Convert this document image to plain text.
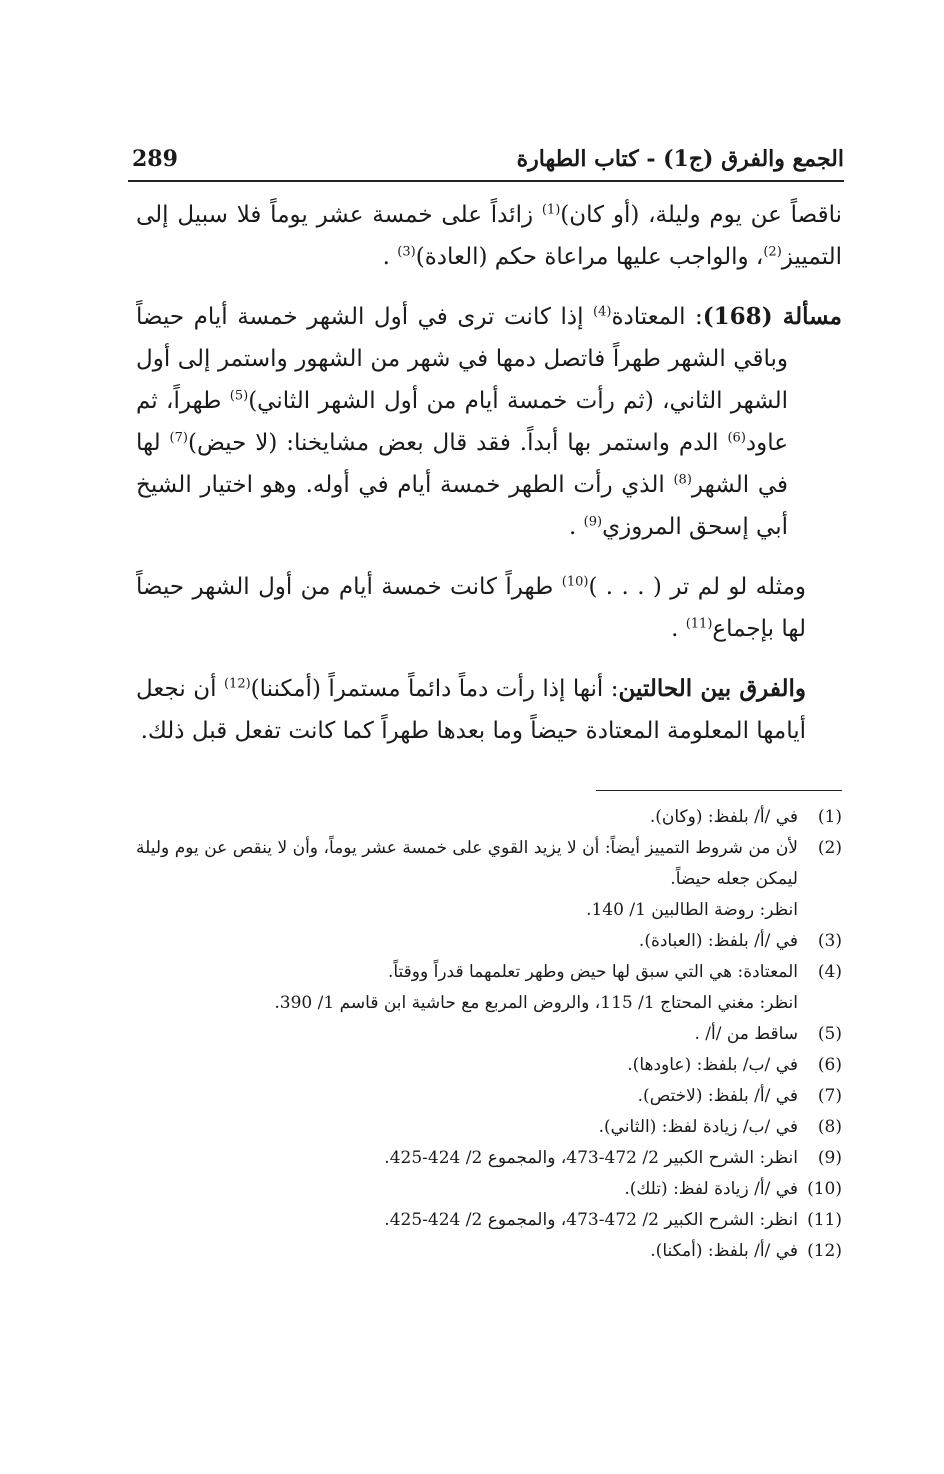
الجمع والفرق (ج1) - كتاب الطهارة
289

ناقصاً عن يوم وليلة، (أو كان)$^{(1)}$ زائداً على خمسة عشر يوماً فلا سبيل إلى التمييز$^{(2)}$، والواجب عليها مراعاة حكم (العادة)$^{(3)}$ .

مسألة (168): المعتادة$^{(4)}$ إذا كانت ترى في أول الشهر خمسة أيام حيضاً وباقي الشهر طهراً فاتصل دمها في شهر من الشهور واستمر إلى أول الشهر الثاني، (ثم رأت خمسة أيام من أول الشهر الثاني)$^{(5)}$ طهراً، ثم عاود$^{(6)}$ الدم واستمر بها أبداً. فقد قال بعض مشايخنا: (لا حيض)$^{(7)}$ لها في الشهر$^{(8)}$ الذي رأت الطهر خمسة أيام في أوله. وهو اختيار الشيخ أبي إسحق المروزي$^{(9)}$ .

ومثله لو لم تر ( . . . )$^{(10)}$ طهراً كانت خمسة أيام من أول الشهر حيضاً لها بإجماع$^{(11)}$ .

والفرق بين الحالتين: أنها إذا رأت دماً دائماً مستمراً (أمكننا)$^{(12)}$ أن نجعل أيامها المعلومة المعتادة حيضاً وما بعدها طهراً كما كانت تفعل قبل ذلك.

(1)
في /أ/ بلفظ: (وكان).
(2)
لأن من شروط التمييز أيضاً: أن لا يزيد القوي على خمسة عشر يوماً، وأن لا ينقص عن يوم وليلة ليمكن جعله حيضاً.
انظر: روضة الطالبين 1/ 140.
(3)
في /أ/ بلفظ: (العبادة).
(4)
المعتادة: هي التي سبق لها حيض وطهر تعلمهما قدراً ووقتاً.
انظر: مغني المحتاج 1/ 115، والروض المربع مع حاشية ابن قاسم 1/ 390.
(5)
ساقط من /أ/ .
(6)
في /ب/ بلفظ: (عاودها).
(7)
في /أ/ بلفظ: (لاختص).
(8)
في /ب/ زيادة لفظ: (الثاني).
(9)
انظر: الشرح الكبير 2/ 472-473، والمجموع 2/ 424-425.
(10)
في /أ/ زيادة لفظ: (تلك).
(11)
انظر: الشرح الكبير 2/ 472-473، والمجموع 2/ 424-425.
(12)
في /أ/ بلفظ: (أمكنا).
